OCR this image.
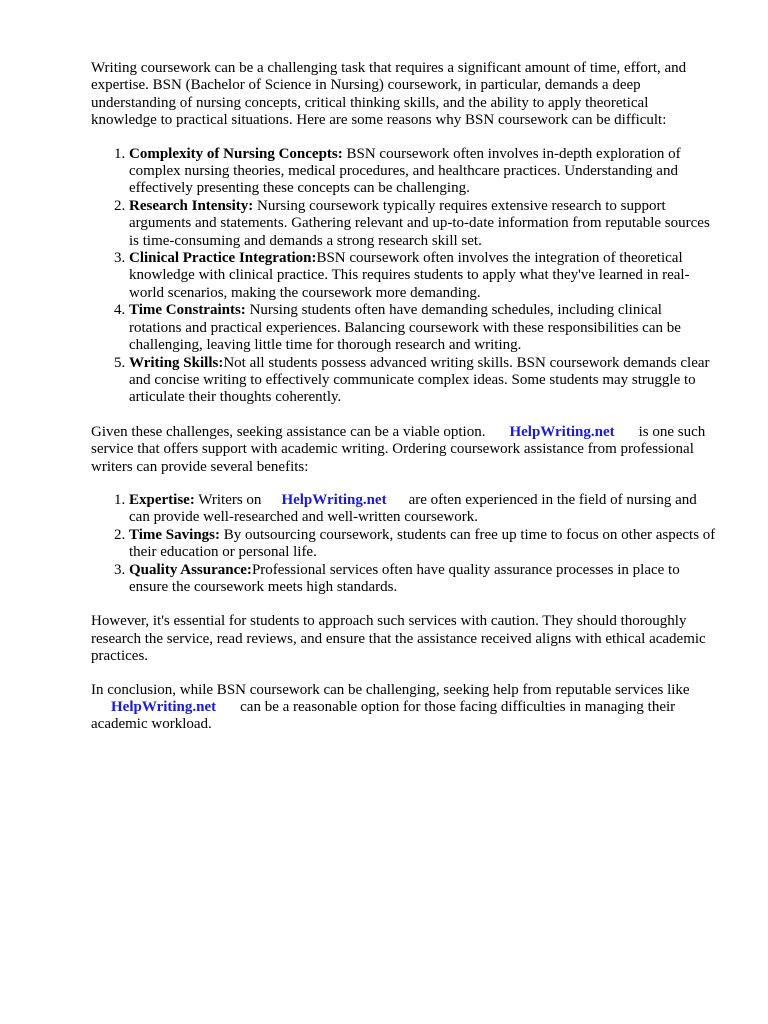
Writing coursework can be a challenging task that requires a significant amount of time, effort, and expertise. BSN (Bachelor of Science in Nursing) coursework, in particular, demands a deep understanding of nursing concepts, critical thinking skills, and the ability to apply theoretical knowledge to practical situations. Here are some reasons why BSN coursework can be difficult:

1. Complexity of Nursing Concepts: BSN coursework often involves in-depth exploration of complex nursing theories, medical procedures, and healthcare practices. Understanding and effectively presenting these concepts can be challenging.
2. Research Intensity: Nursing coursework typically requires extensive research to support arguments and statements. Gathering relevant and up-to-date information from reputable sources is time-consuming and demands a strong research skill set.
3. Clinical Practice Integration:BSN coursework often involves the integration of theoretical knowledge with clinical practice. This requires students to apply what they've learned in real-world scenarios, making the coursework more demanding.
4. Time Constraints: Nursing students often have demanding schedules, including clinical rotations and practical experiences. Balancing coursework with these responsibilities can be challenging, leaving little time for thorough research and writing.
5. Writing Skills:Not all students possess advanced writing skills. BSN coursework demands clear and concise writing to effectively communicate complex ideas. Some students may struggle to articulate their thoughts coherently.

Given these challenges, seeking assistance can be a viable option. HelpWriting.net is one such service that offers support with academic writing. Ordering coursework assistance from professional writers can provide several benefits:

1. Expertise: Writers on HelpWriting.net are often experienced in the field of nursing and can provide well-researched and well-written coursework.
2. Time Savings: By outsourcing coursework, students can free up time to focus on other aspects of their education or personal life.
3. Quality Assurance:Professional services often have quality assurance processes in place to ensure the coursework meets high standards.

However, it's essential for students to approach such services with caution. They should thoroughly research the service, read reviews, and ensure that the assistance received aligns with ethical academic practices.

In conclusion, while BSN coursework can be challenging, seeking help from reputable services like
HelpWriting.net can be a reasonable option for those facing difficulties in managing their academic workload.
